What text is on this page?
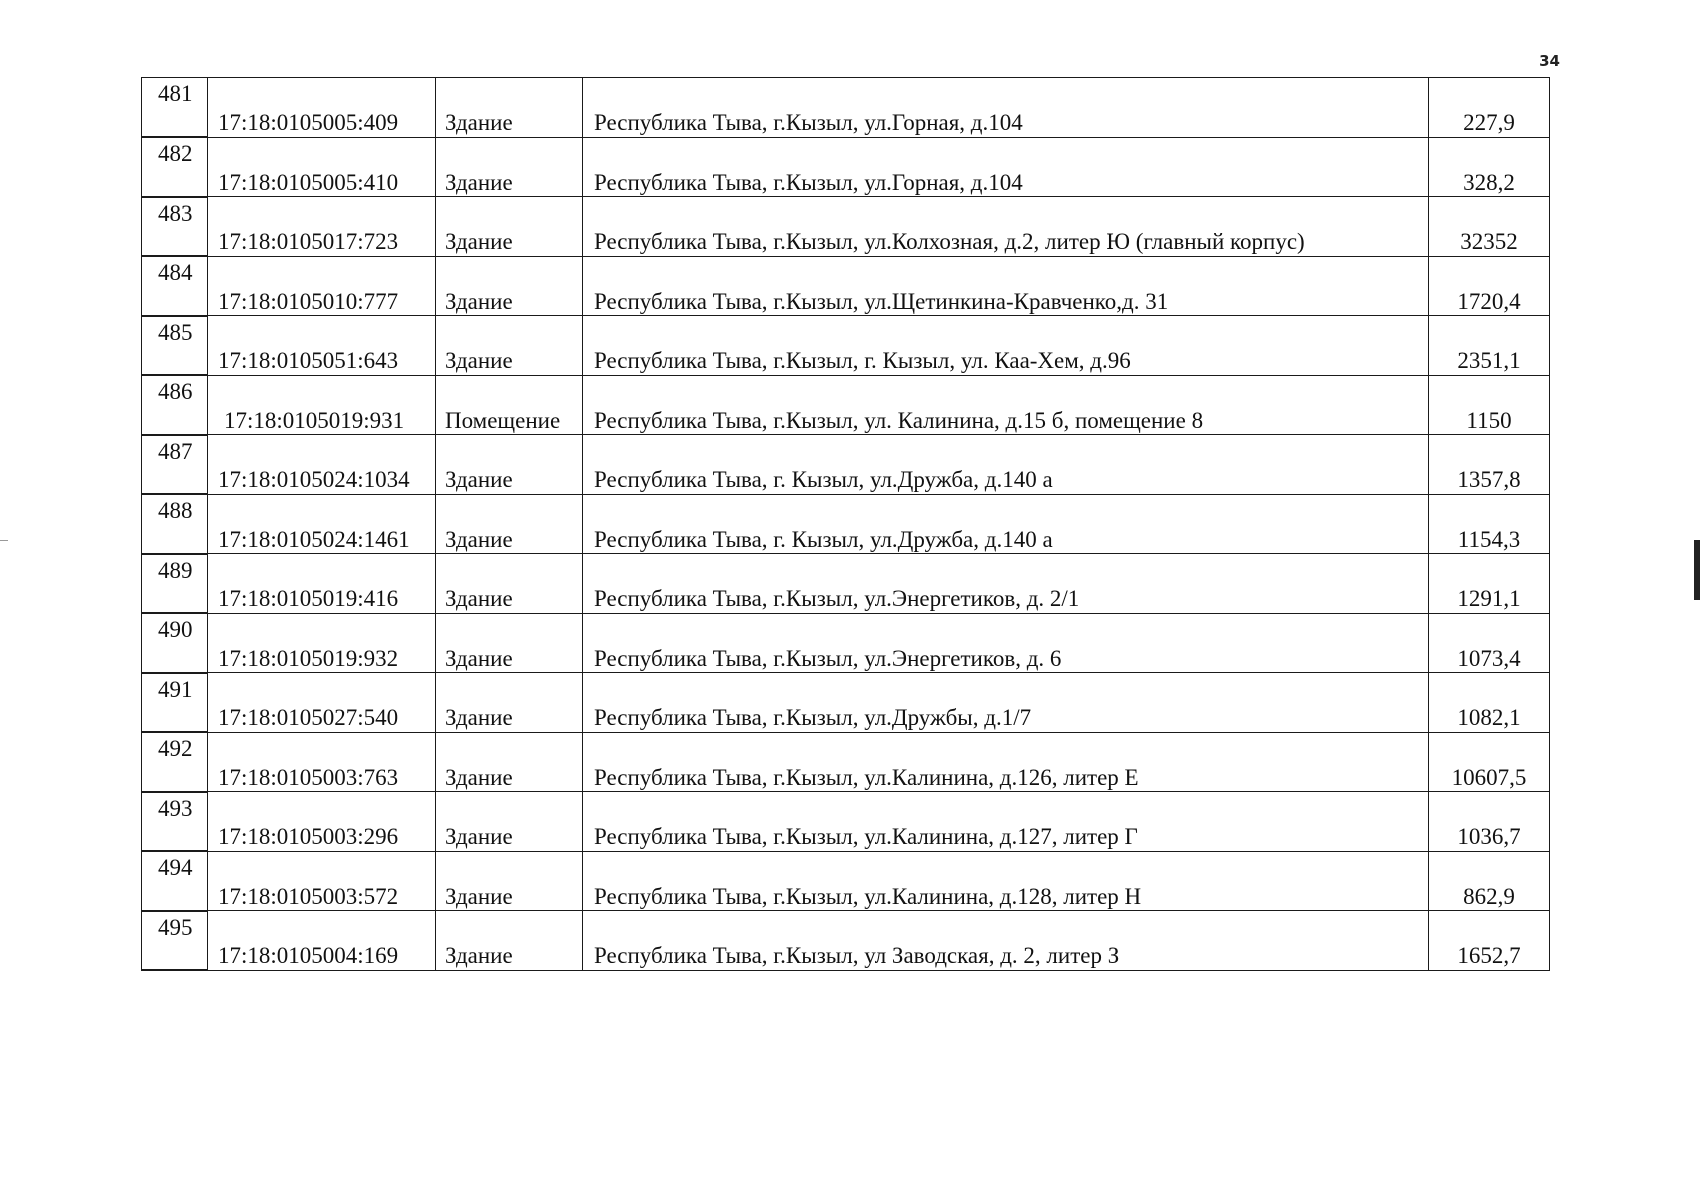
34
481	17:18:0105005:409	Здание	Республика Тыва, г.Кызыл, ул.Горная, д.104	227,9

482	17:18:0105005:410	Здание	Республика Тыва, г.Кызыл, ул.Горная, д.104	328,2

483	17:18:0105017:723	Здание	Республика Тыва, г.Кызыл, ул.Колхозная, д.2, литер Ю (главный корпус)	32352

484	17:18:0105010:777	Здание	Республика Тыва, г.Кызыл, ул.Щетинкина-Кравченко,д. 31	1720,4

485	17:18:0105051:643	Здание	Республика Тыва, г.Кызыл, г. Кызыл, ул. Каа-Хем, д.96	2351,1

486	17:18:0105019:931	Помещение	Республика Тыва, г.Кызыл, ул. Калинина, д.15 б, помещение 8	1150

487	17:18:0105024:1034	Здание	Республика Тыва, г. Кызыл, ул.Дружба, д.140 а	1357,8

488	17:18:0105024:1461	Здание	Республика Тыва, г. Кызыл, ул.Дружба, д.140 а	1154,3

489	17:18:0105019:416	Здание	Республика Тыва, г.Кызыл, ул.Энергетиков, д. 2/1	1291,1

490	17:18:0105019:932	Здание	Республика Тыва, г.Кызыл, ул.Энергетиков, д. 6	1073,4

491	17:18:0105027:540	Здание	Республика Тыва, г.Кызыл, ул.Дружбы, д.1/7	1082,1

492	17:18:0105003:763	Здание	Республика Тыва, г.Кызыл, ул.Калинина, д.126, литер Е	10607,5

493	17:18:0105003:296	Здание	Республика Тыва, г.Кызыл, ул.Калинина, д.127, литер Г	1036,7

494	17:18:0105003:572	Здание	Республика Тыва, г.Кызыл, ул.Калинина, д.128, литер Н	862,9

495	17:18:0105004:169	Здание	Республика Тыва, г.Кызыл, ул Заводская, д. 2, литер З	1652,7
